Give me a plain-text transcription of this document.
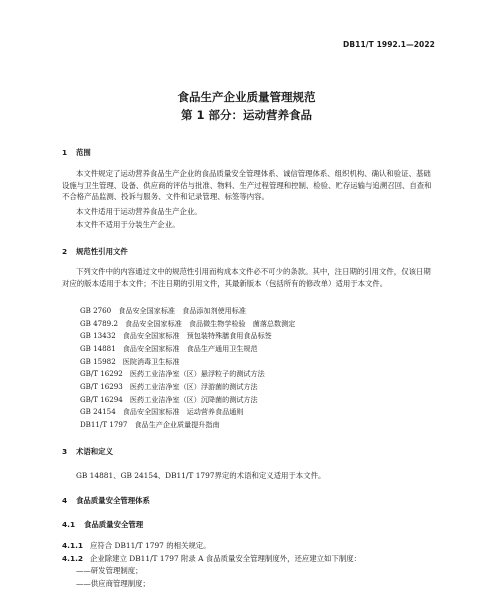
DB11/T 1992.1—2022
食品生产企业质量管理规范
第 1 部分：运动营养食品
1 范围
本文件规定了运动营养食品生产企业的食品质量安全管理体系、诚信管理体系、组织机构、确认和验证、基础设施与卫生管理、设备、供应商的评估与批准、物料、生产过程管理和控制、检验、贮存运输与追溯召回、自查和不合格产品监测、投诉与服务、文件和记录管理、标签等内容。
本文件适用于运动营养食品生产企业。
本文件不适用于分装生产企业。
2 规范性引用文件
下列文件中的内容通过文中的规范性引用而构成本文件必不可少的条款。其中，注日期的引用文件，仅该日期对应的版本适用于本文件；不注日期的引用文件，其最新版本（包括所有的修改单）适用于本文件。
GB 2760　食品安全国家标准　食品添加剂使用标准
GB 4789.2　食品安全国家标准　食品微生物学检验　菌落总数测定
GB 13432　食品安全国家标准　预包装特殊膳食用食品标签
GB 14881　食品安全国家标准　食品生产通用卫生规范
GB 15982　医院消毒卫生标准
GB/T 16292　医药工业洁净室（区）悬浮粒子的测试方法
GB/T 16293　医药工业洁净室（区）浮游菌的测试方法
GB/T 16294　医药工业洁净室（区）沉降菌的测试方法
GB 24154　食品安全国家标准　运动营养食品通则
DB11/T 1797　食品生产企业质量提升指南
3 术语和定义
GB 14881、GB 24154、DB11/T 1797界定的术语和定义适用于本文件。
4 食品质量安全管理体系
4.1 食品质量安全管理
4.1.1 应符合 DB11/T 1797 的相关规定。
4.1.2 企业除建立 DB11/T 1797 附录 A 食品质量安全管理制度外，还应建立如下制度：
——研发管理制度；
——供应商管理制度；
